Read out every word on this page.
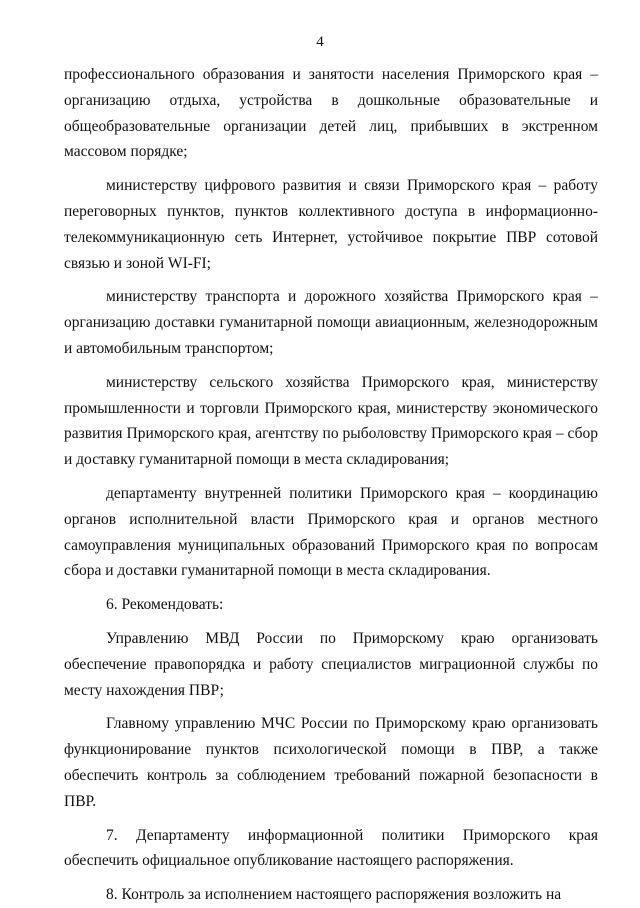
4

профессионального образования и занятости населения Приморского края – организацию отдыха, устройства в дошкольные образовательные и общеобразовательные организации детей лиц, прибывших в экстренном массовом порядке;

министерству цифрового развития и связи Приморского края – работу переговорных пунктов, пунктов коллективного доступа в информационно-телекоммуникационную сеть Интернет, устойчивое покрытие ПВР сотовой связью и зоной WI-FI;

министерству транспорта и дорожного хозяйства Приморского края – организацию доставки гуманитарной помощи авиационным, железнодорожным и автомобильным транспортом;

министерству сельского хозяйства Приморского края, министерству промышленности и торговли Приморского края, министерству экономического развития Приморского края, агентству по рыболовству Приморского края – сбор и доставку гуманитарной помощи в места складирования;

департаменту внутренней политики Приморского края – координацию органов исполнительной власти Приморского края и органов местного самоуправления муниципальных образований Приморского края по вопросам сбора и доставки гуманитарной помощи в места складирования.

6. Рекомендовать:

Управлению МВД России по Приморскому краю организовать обеспечение правопорядка и работу специалистов миграционной службы по месту нахождения ПВР;

Главному управлению МЧС России по Приморскому краю организовать функционирование пунктов психологической помощи в ПВР, а также обеспечить контроль за соблюдением требований пожарной безопасности в ПВР.

7. Департаменту информационной политики Приморского края обеспечить официальное опубликование настоящего распоряжения.

8. Контроль за исполнением настоящего распоряжения возложить на
